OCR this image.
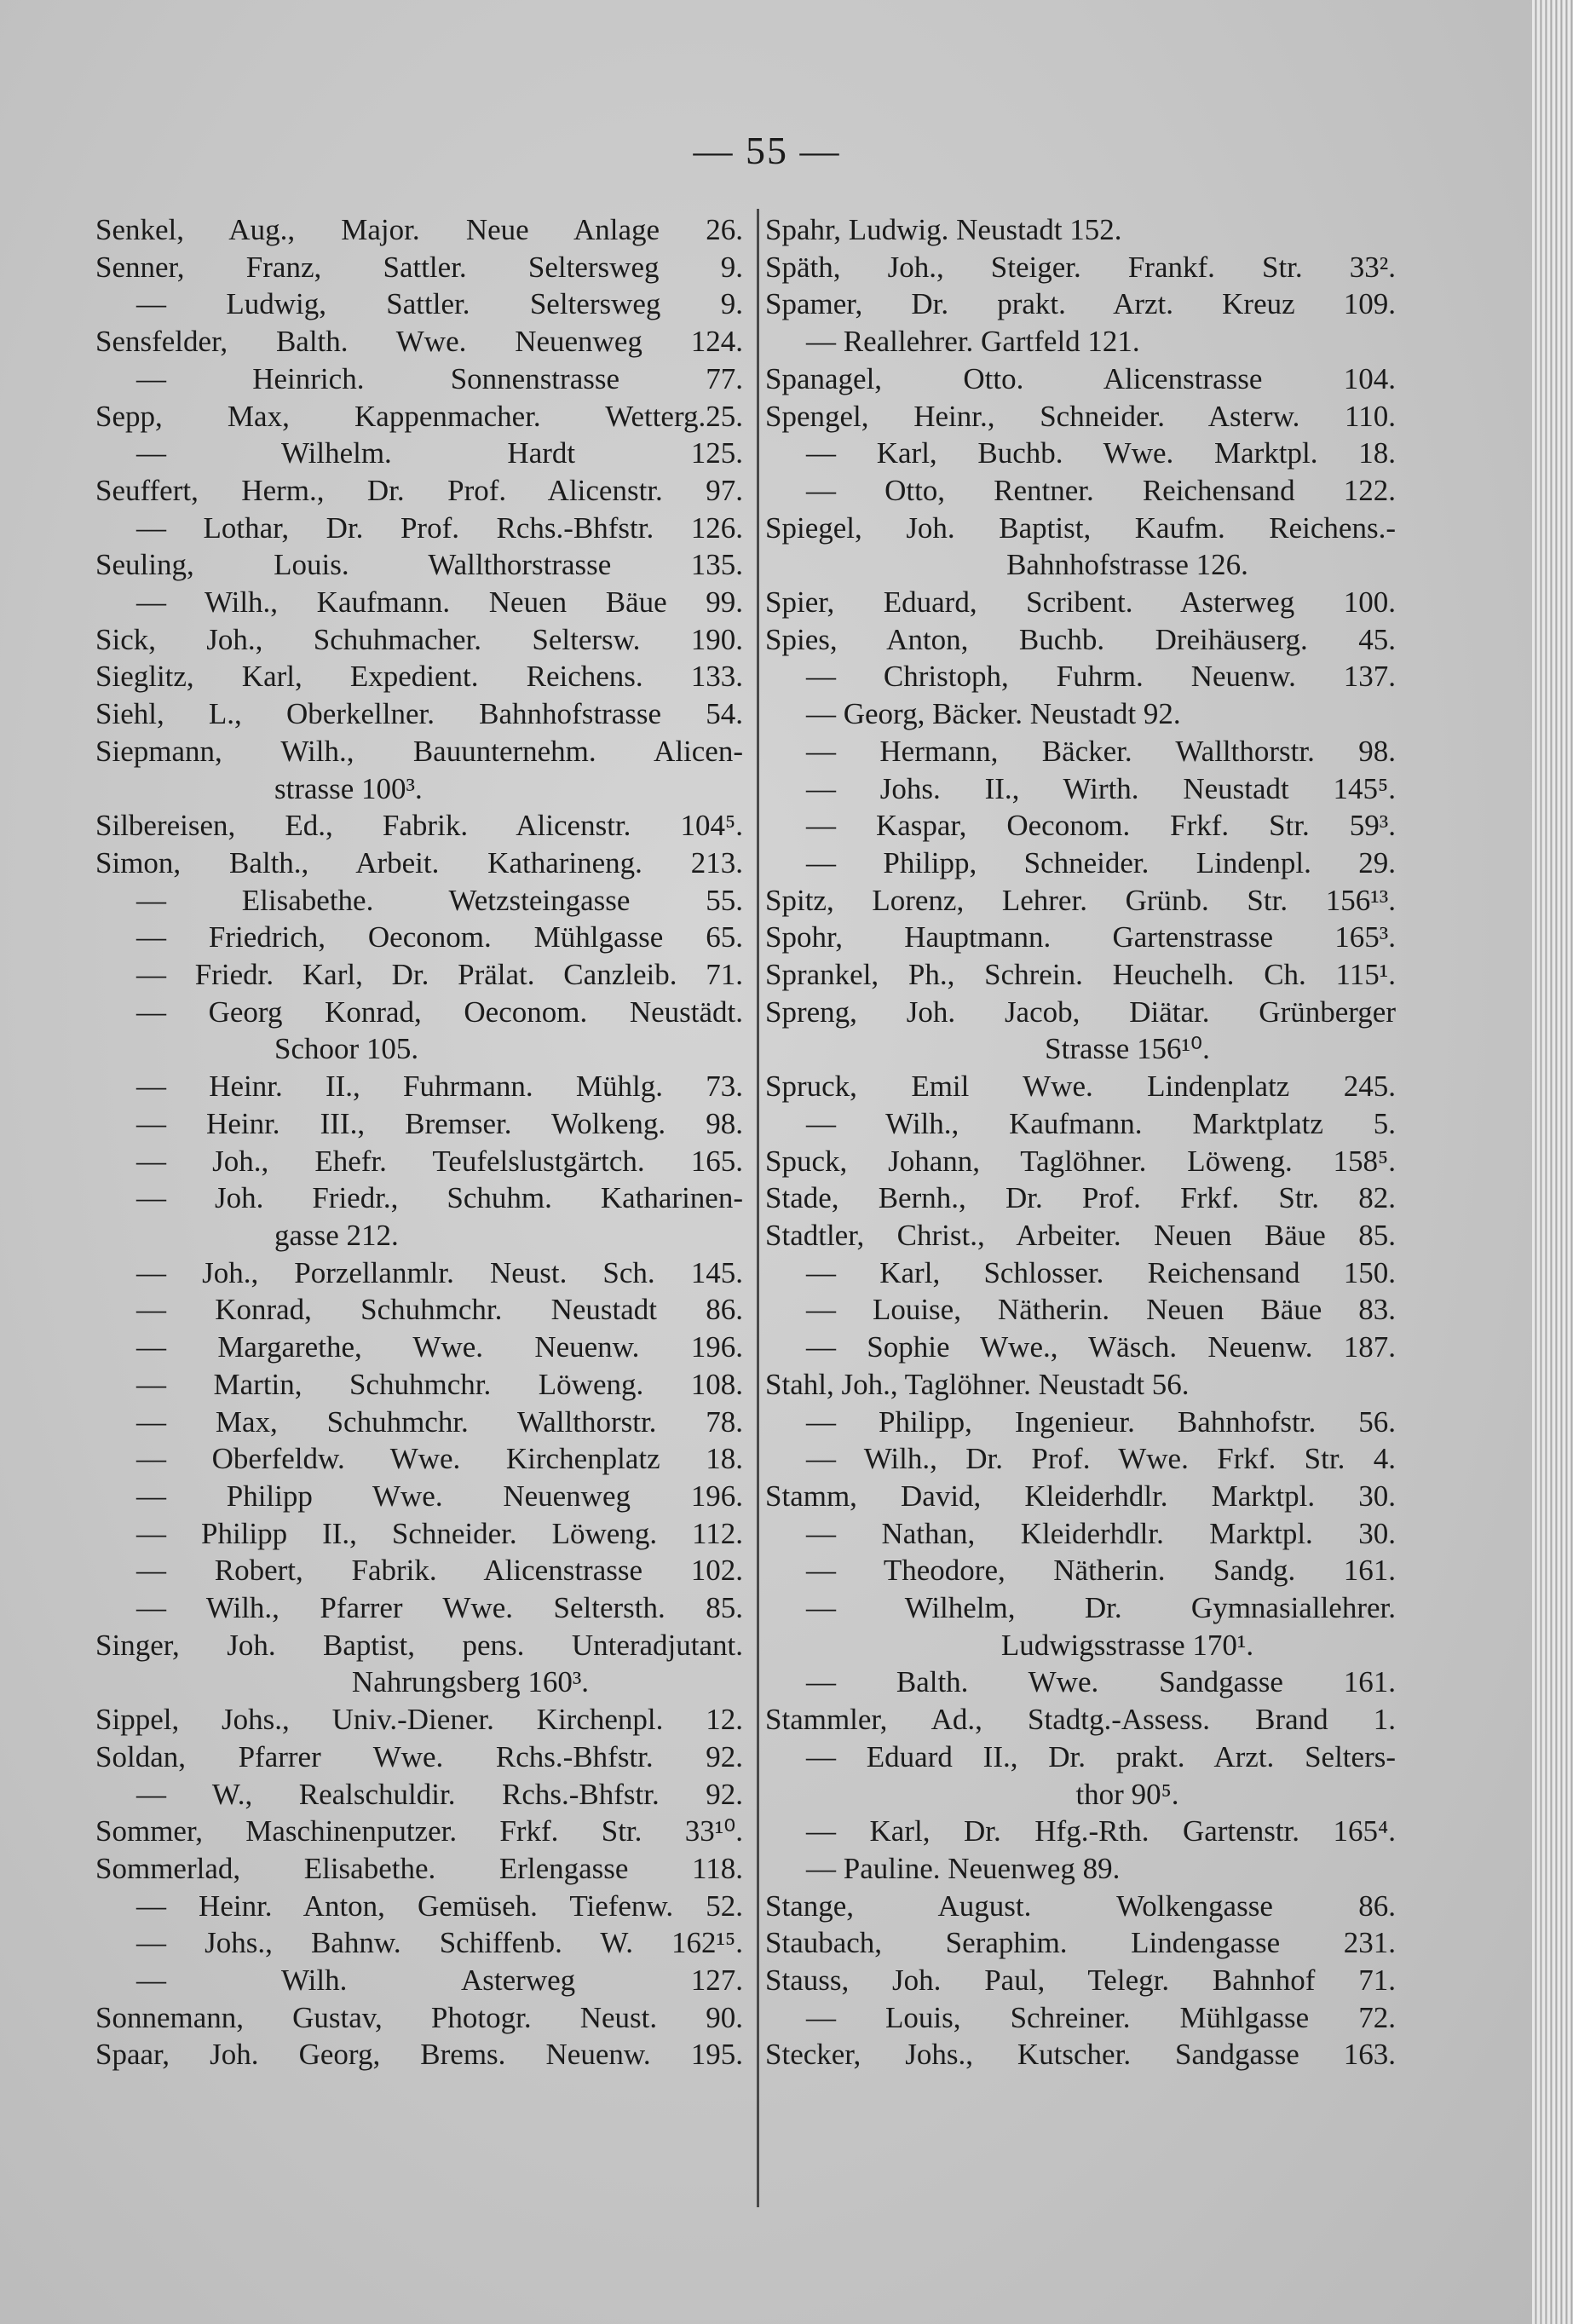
— 55 —
Senkel, Aug., Major. Neue Anlage 26.
Senner, Franz, Sattler. Seltersweg 9.
— Ludwig, Sattler. Seltersweg 9.
Sensfelder, Balth. Wwe. Neuenweg 124.
— Heinrich. Sonnenstrasse 77.
Sepp, Max, Kappenmacher. Wetterg.25.
— Wilhelm. Hardt 125.
Seuffert, Herm., Dr. Prof. Alicenstr. 97.
— Lothar, Dr. Prof. Rchs.-Bhfstr. 126.
Seuling, Louis. Wallthorstrasse 135.
— Wilh., Kaufmann. Neuen Bäue 99.
Sick, Joh., Schuhmacher. Seltersw. 190.
Sieglitz, Karl, Expedient. Reichens. 133.
Siehl, L., Oberkellner. Bahnhofstrasse 54.
Siepmann, Wilh., Bauunternehm. Alicen-
strasse 100³.
Silbereisen, Ed., Fabrik. Alicenstr. 104⁵.
Simon, Balth., Arbeit. Katharineng. 213.
— Elisabethe. Wetzsteingasse 55.
— Friedrich, Oeconom. Mühlgasse 65.
— Friedr. Karl, Dr. Prälat. Canzleib. 71.
— Georg Konrad, Oeconom. Neustädt.
Schoor 105.
— Heinr. II., Fuhrmann. Mühlg. 73.
— Heinr. III., Bremser. Wolkeng. 98.
— Joh., Ehefr. Teufelslustgärtch. 165.
— Joh. Friedr., Schuhm. Katharinen-
gasse 212.
— Joh., Porzellanmlr. Neust. Sch. 145.
— Konrad, Schuhmchr. Neustadt 86.
— Margarethe, Wwe. Neuenw. 196.
— Martin, Schuhmchr. Löweng. 108.
— Max, Schuhmchr. Wallthorstr. 78.
— Oberfeldw. Wwe. Kirchenplatz 18.
— Philipp Wwe. Neuenweg 196.
— Philipp II., Schneider. Löweng. 112.
— Robert, Fabrik. Alicenstrasse 102.
— Wilh., Pfarrer Wwe. Seltersth. 85.
Singer, Joh. Baptist, pens. Unteradjutant.
Nahrungsberg 160³.
Sippel, Johs., Univ.-Diener. Kirchenpl. 12.
Soldan, Pfarrer Wwe. Rchs.-Bhfstr. 92.
— W., Realschuldir. Rchs.-Bhfstr. 92.
Sommer, Maschinenputzer. Frkf. Str. 33¹⁰.
Sommerlad, Elisabethe. Erlengasse 118.
— Heinr. Anton, Gemüseh. Tiefenw. 52.
— Johs., Bahnw. Schiffenb. W. 162¹⁵.
— Wilh. Asterweg 127.
Sonnemann, Gustav, Photogr. Neust. 90.
Spaar, Joh. Georg, Brems. Neuenw. 195.
Spahr, Ludwig. Neustadt 152.
Späth, Joh., Steiger. Frankf. Str. 33².
Spamer, Dr. prakt. Arzt. Kreuz 109.
— Reallehrer. Gartfeld 121.
Spanagel, Otto. Alicenstrasse 104.
Spengel, Heinr., Schneider. Asterw. 110.
— Karl, Buchb. Wwe. Marktpl. 18.
— Otto, Rentner. Reichensand 122.
Spiegel, Joh. Baptist, Kaufm. Reichens.-
Bahnhofstrasse 126.
Spier, Eduard, Scribent. Asterweg 100.
Spies, Anton, Buchb. Dreihäuserg. 45.
— Christoph, Fuhrm. Neuenw. 137.
— Georg, Bäcker. Neustadt 92.
— Hermann, Bäcker. Wallthorstr. 98.
— Johs. II., Wirth. Neustadt 145⁵.
— Kaspar, Oeconom. Frkf. Str. 59³.
— Philipp, Schneider. Lindenpl. 29.
Spitz, Lorenz, Lehrer. Grünb. Str. 156¹³.
Spohr, Hauptmann. Gartenstrasse 165³.
Sprankel, Ph., Schrein. Heuchelh. Ch. 115¹.
Spreng, Joh. Jacob, Diätar. Grünberger
Strasse 156¹⁰.
Spruck, Emil Wwe. Lindenplatz 245.
— Wilh., Kaufmann. Marktplatz 5.
Spuck, Johann, Taglöhner. Löweng. 158⁵.
Stade, Bernh., Dr. Prof. Frkf. Str. 82.
Stadtler, Christ., Arbeiter. Neuen Bäue 85.
— Karl, Schlosser. Reichensand 150.
— Louise, Nätherin. Neuen Bäue 83.
— Sophie Wwe., Wäsch. Neuenw. 187.
Stahl, Joh., Taglöhner. Neustadt 56.
— Philipp, Ingenieur. Bahnhofstr. 56.
— Wilh., Dr. Prof. Wwe. Frkf. Str. 4.
Stamm, David, Kleiderhdlr. Marktpl. 30.
— Nathan, Kleiderhdlr. Marktpl. 30.
— Theodore, Nätherin. Sandg. 161.
— Wilhelm, Dr. Gymnasiallehrer.
Ludwigsstrasse 170¹.
— Balth. Wwe. Sandgasse 161.
Stammler, Ad., Stadtg.-Assess. Brand 1.
— Eduard II., Dr. prakt. Arzt. Selters-
thor 90⁵.
— Karl, Dr. Hfg.-Rth. Gartenstr. 165⁴.
— Pauline. Neuenweg 89.
Stange, August. Wolkengasse 86.
Staubach, Seraphim. Lindengasse 231.
Stauss, Joh. Paul, Telegr. Bahnhof 71.
— Louis, Schreiner. Mühlgasse 72.
Stecker, Johs., Kutscher. Sandgasse 163.
